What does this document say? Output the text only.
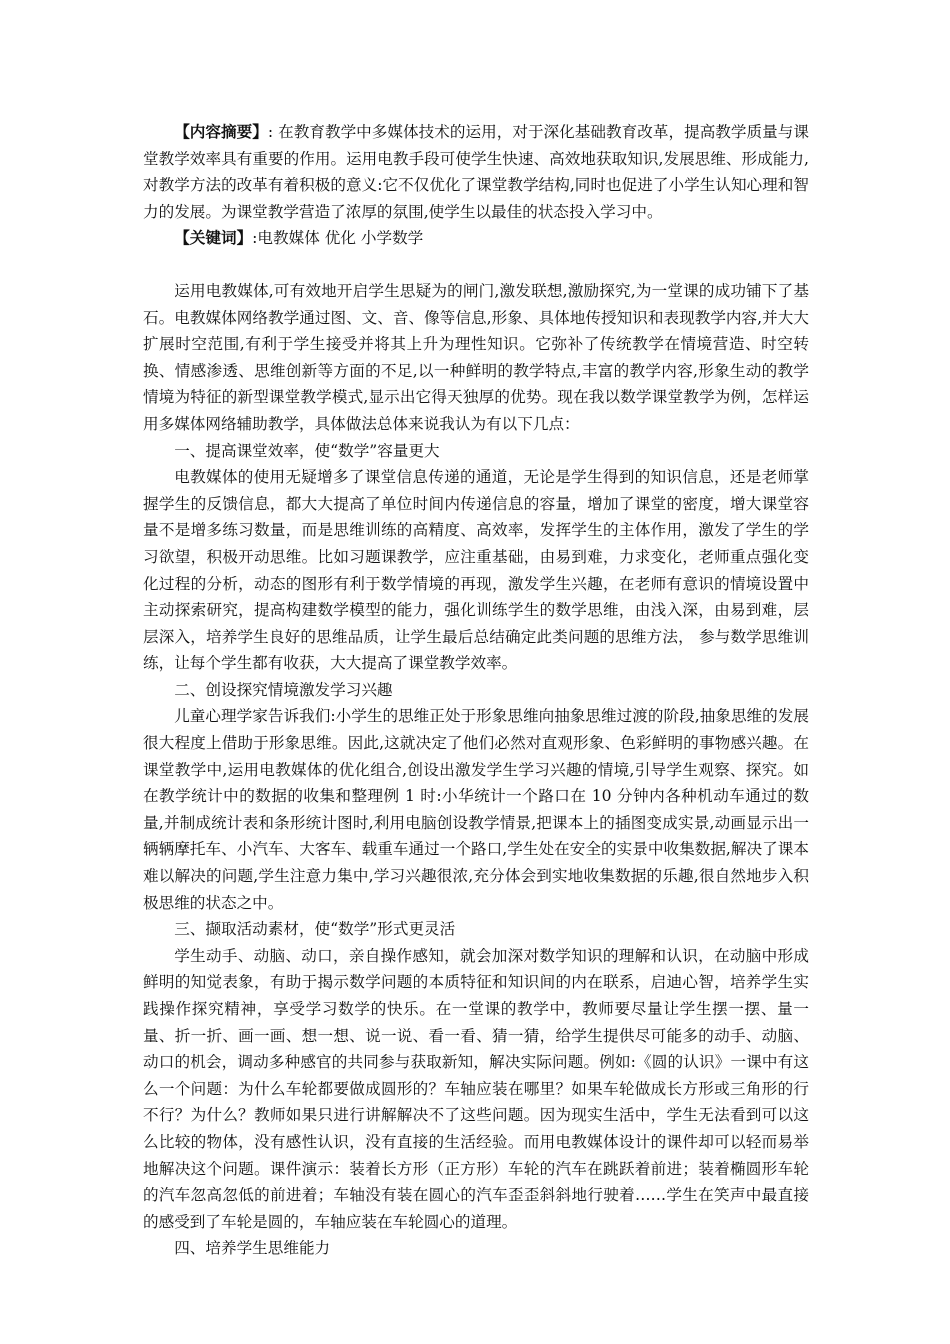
【内容摘要】: 在教育教学中多媒体技术的运用，对于深化基础教育改革，提高教学质量与课堂教学效率具有重要的作用。运用电教手段可使学生快速、高效地获取知识,发展思维、形成能力,对教学方法的改革有着积极的意义:它不仅优化了课堂教学结构,同时也促进了小学生认知心理和智力的发展。为课堂教学营造了浓厚的氛围,使学生以最佳的状态投入学习中。

【关键词】:电教媒体 优化 小学数学

运用电教媒体,可有效地开启学生思疑为的闸门,激发联想,激励探究,为一堂课的成功铺下了基石。电教媒体网络教学通过图、文、音、像等信息,形象、具体地传授知识和表现教学内容,并大大扩展时空范围,有利于学生接受并将其上升为理性知识。它弥补了传统教学在情境营造、时空转换、情感渗透、思维创新等方面的不足,以一种鲜明的教学特点,丰富的教学内容,形象生动的教学情境为特征的新型课堂教学模式,显示出它得天独厚的优势。现在我以数学课堂教学为例，怎样运用多媒体网络辅助教学，具体做法总体来说我认为有以下几点：

一、提高课堂效率，使“数学”容量更大

电教媒体的使用无疑增多了课堂信息传递的通道，无论是学生得到的知识信息，还是老师掌握学生的反馈信息，都大大提高了单位时间内传递信息的容量，增加了课堂的密度，增大课堂容量不是增多练习数量，而是思维训练的高精度、高效率，发挥学生的主体作用，激发了学生的学习欲望，积极开动思维。比如习题课教学，应注重基础，由易到难，力求变化，老师重点强化变化过程的分析，动态的图形有利于数学情境的再现，激发学生兴趣，在老师有意识的情境设置中主动探索研究，提高构建数学模型的能力，强化训练学生的数学思维，由浅入深，由易到难，层层深入，培养学生良好的思维品质，让学生最后总结确定此类问题的思维方法， 参与数学思维训练，让每个学生都有收获，大大提高了课堂教学效率。

二、创设探究情境激发学习兴趣

儿童心理学家告诉我们:小学生的思维正处于形象思维向抽象思维过渡的阶段,抽象思维的发展很大程度上借助于形象思维。因此,这就决定了他们必然对直观形象、色彩鲜明的事物感兴趣。在课堂教学中,运用电教媒体的优化组合,创设出激发学生学习兴趣的情境,引导学生观察、探究。如在教学统计中的数据的收集和整理例 1 时:小华统计一个路口在 10 分钟内各种机动车通过的数量,并制成统计表和条形统计图时,利用电脑创设教学情景,把课本上的插图变成实景,动画显示出一辆辆摩托车、小汽车、大客车、载重车通过一个路口,学生处在安全的实景中收集数据,解决了课本难以解决的问题,学生注意力集中,学习兴趣很浓,充分体会到实地收集数据的乐趣,很自然地步入积极思维的状态之中。

三、撷取活动素材，使“数学”形式更灵活

学生动手、动脑、动口，亲自操作感知，就会加深对数学知识的理解和认识，在动脑中形成鲜明的知觉表象，有助于揭示数学问题的本质特征和知识间的内在联系，启迪心智，培养学生实践操作探究精神，享受学习数学的快乐。在一堂课的教学中，教师要尽量让学生摆一摆、量一量、折一折、画一画、想一想、说一说、看一看、猜一猜，给学生提供尽可能多的动手、动脑、动口的机会，调动多种感官的共同参与获取新知，解决实际问题。例如:《圆的认识》一课中有这么一个问题：为什么车轮都要做成圆形的？车轴应装在哪里？如果车轮做成长方形或三角形的行不行？为什么？教师如果只进行讲解解决不了这些问题。因为现实生活中，学生无法看到可以这么比较的物体，没有感性认识，没有直接的生活经验。而用电教媒体设计的课件却可以轻而易举地解决这个问题。课件演示：装着长方形（正方形）车轮的汽车在跳跃着前进；装着椭圆形车轮的汽车忽高忽低的前进着；车轴没有装在圆心的汽车歪歪斜斜地行驶着……学生在笑声中最直接的感受到了车轮是圆的，车轴应装在车轮圆心的道理。

四、培养学生思维能力
